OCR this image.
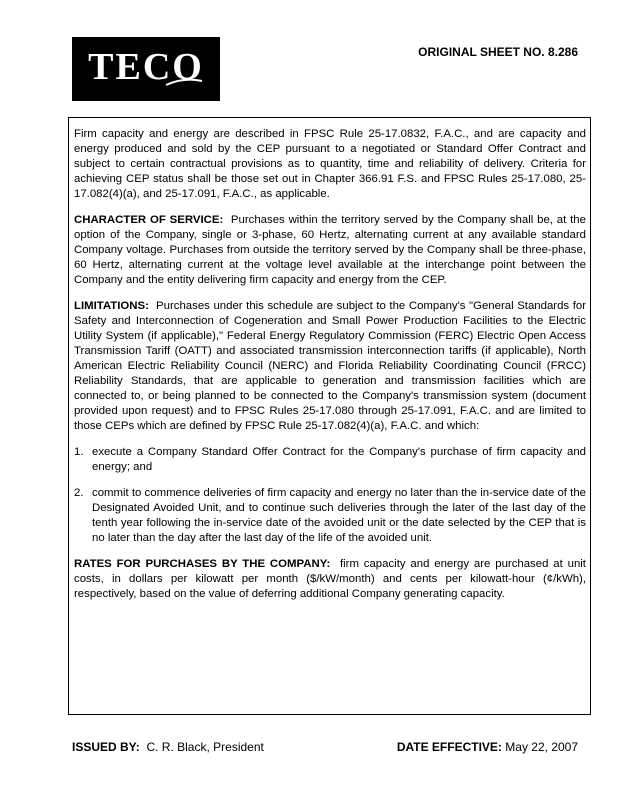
TECO
TAMPA ELECTRIC
ORIGINAL SHEET NO. 8.286

Firm capacity and energy are described in FPSC Rule 25-17.0832, F.A.C., and are capacity and energy produced and sold by the CEP pursuant to a negotiated or Standard Offer Contract and subject to certain contractual provisions as to quantity, time and reliability of delivery. Criteria for achieving CEP status shall be those set out in Chapter 366.91 F.S. and FPSC Rules 25-17.080, 25-17.082(4)(a), and 25-17.091, F.A.C., as applicable.

CHARACTER OF SERVICE: Purchases within the territory served by the Company shall be, at the option of the Company, single or 3-phase, 60 Hertz, alternating current at any available standard Company voltage. Purchases from outside the territory served by the Company shall be three-phase, 60 Hertz, alternating current at the voltage level available at the interchange point between the Company and the entity delivering firm capacity and energy from the CEP.

LIMITATIONS: Purchases under this schedule are subject to the Company's "General Standards for Safety and Interconnection of Cogeneration and Small Power Production Facilities to the Electric Utility System (if applicable)," Federal Energy Regulatory Commission (FERC) Electric Open Access Transmission Tariff (OATT) and associated transmission interconnection tariffs (if applicable), North American Electric Reliability Council (NERC) and Florida Reliability Coordinating Council (FRCC) Reliability Standards, that are applicable to generation and transmission facilities which are connected to, or being planned to be connected to the Company's transmission system (document provided upon request) and to FPSC Rules 25-17.080 through 25-17.091, F.A.C. and are limited to those CEPs which are defined by FPSC Rule 25-17.082(4)(a), F.A.C. and which:

1. execute a Company Standard Offer Contract for the Company's purchase of firm capacity and energy; and
2. commit to commence deliveries of firm capacity and energy no later than the in-service date of the Designated Avoided Unit, and to continue such deliveries through the later of the last day of the tenth year following the in-service date of the avoided unit or the date selected by the CEP that is no later than the day after the last day of the life of the avoided unit.

RATES FOR PURCHASES BY THE COMPANY: firm capacity and energy are purchased at unit costs, in dollars per kilowatt per month ($/kW/month) and cents per kilowatt-hour (¢/kWh), respectively, based on the value of deferring additional Company generating capacity.

ISSUED BY: C. R. Black, President	DATE EFFECTIVE: May 22, 2007
